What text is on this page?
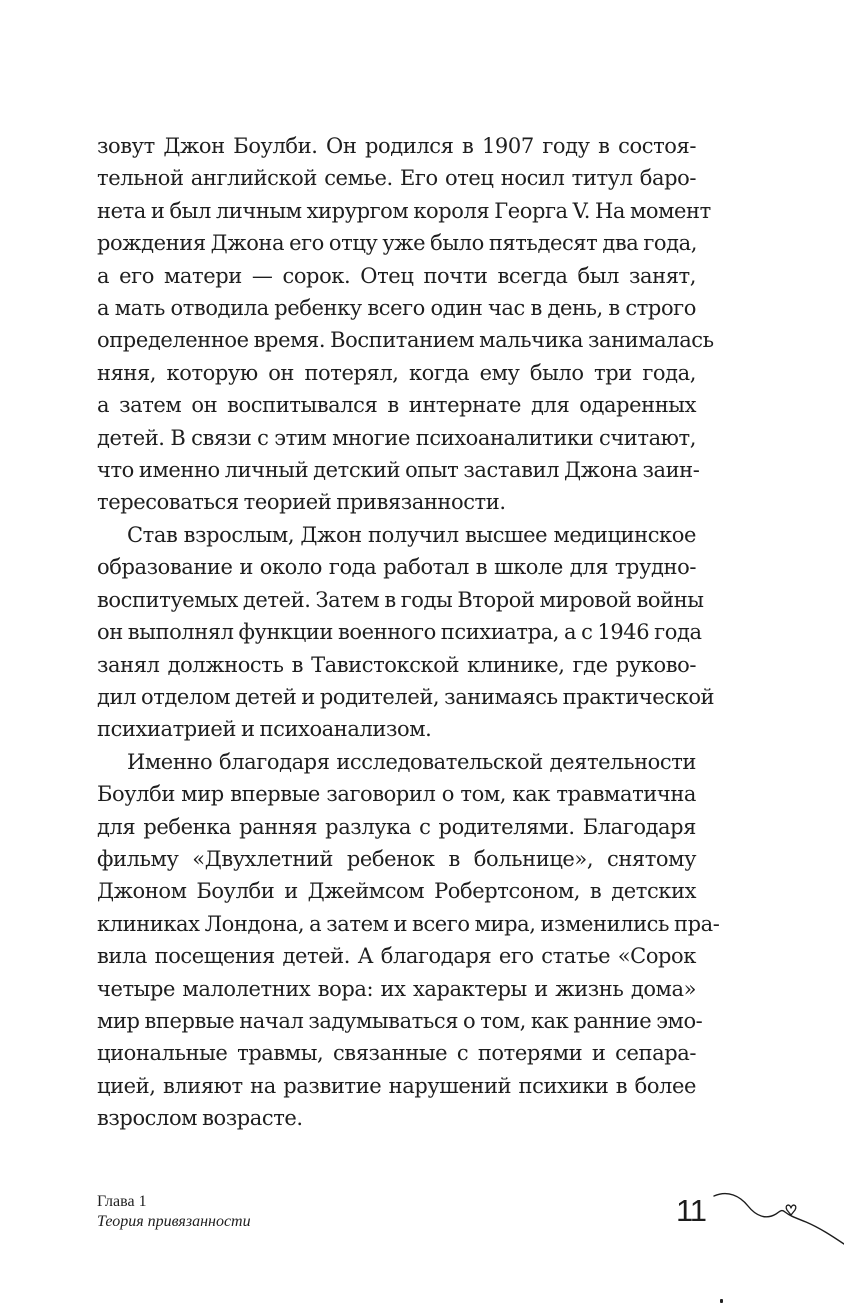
зовут Джон Боулби. Он родился в 1907 году в состоя-
тельной английской семье. Его отец носил титул баро-
нета и был личным хирургом короля Георга V. На момент
рождения Джона его отцу уже было пятьдесят два года,
а его матери — сорок. Отец почти всегда был занят,
а мать отводила ребенку всего один час в день, в строго
определенное время. Воспитанием мальчика занималась
няня, которую он потерял, когда ему было три года,
а затем он воспитывался в интернате для одаренных
детей. В связи с этим многие психоаналитики считают,
что именно личный детский опыт заставил Джона заин-
тересоваться теорией привязанности.

Став взрослым, Джон получил высшее медицинское
образование и около года работал в школе для трудно-
воспитуемых детей. Затем в годы Второй мировой войны
он выполнял функции военного психиатра, а с 1946 года
занял должность в Тавистокской клинике, где руково-
дил отделом детей и родителей, занимаясь практической
психиатрией и психоанализом.

Именно благодаря исследовательской деятельности
Боулби мир впервые заговорил о том, как травматична
для ребенка ранняя разлука с родителями. Благодаря
фильму «Двухлетний ребенок в больнице», снятому
Джоном Боулби и Джеймсом Робертсоном, в детских
клиниках Лондона, а затем и всего мира, изменились пра-
вила посещения детей. А благодаря его статье «Сорок
четыре малолетних вора: их характеры и жизнь дома»
мир впервые начал задумываться о том, как ранние эмо-
циональные травмы, связанные с потерями и сепара-
цией, влияют на развитие нарушений психики в более
взрослом возрасте.

Глава 1
Теория привязанности	11
